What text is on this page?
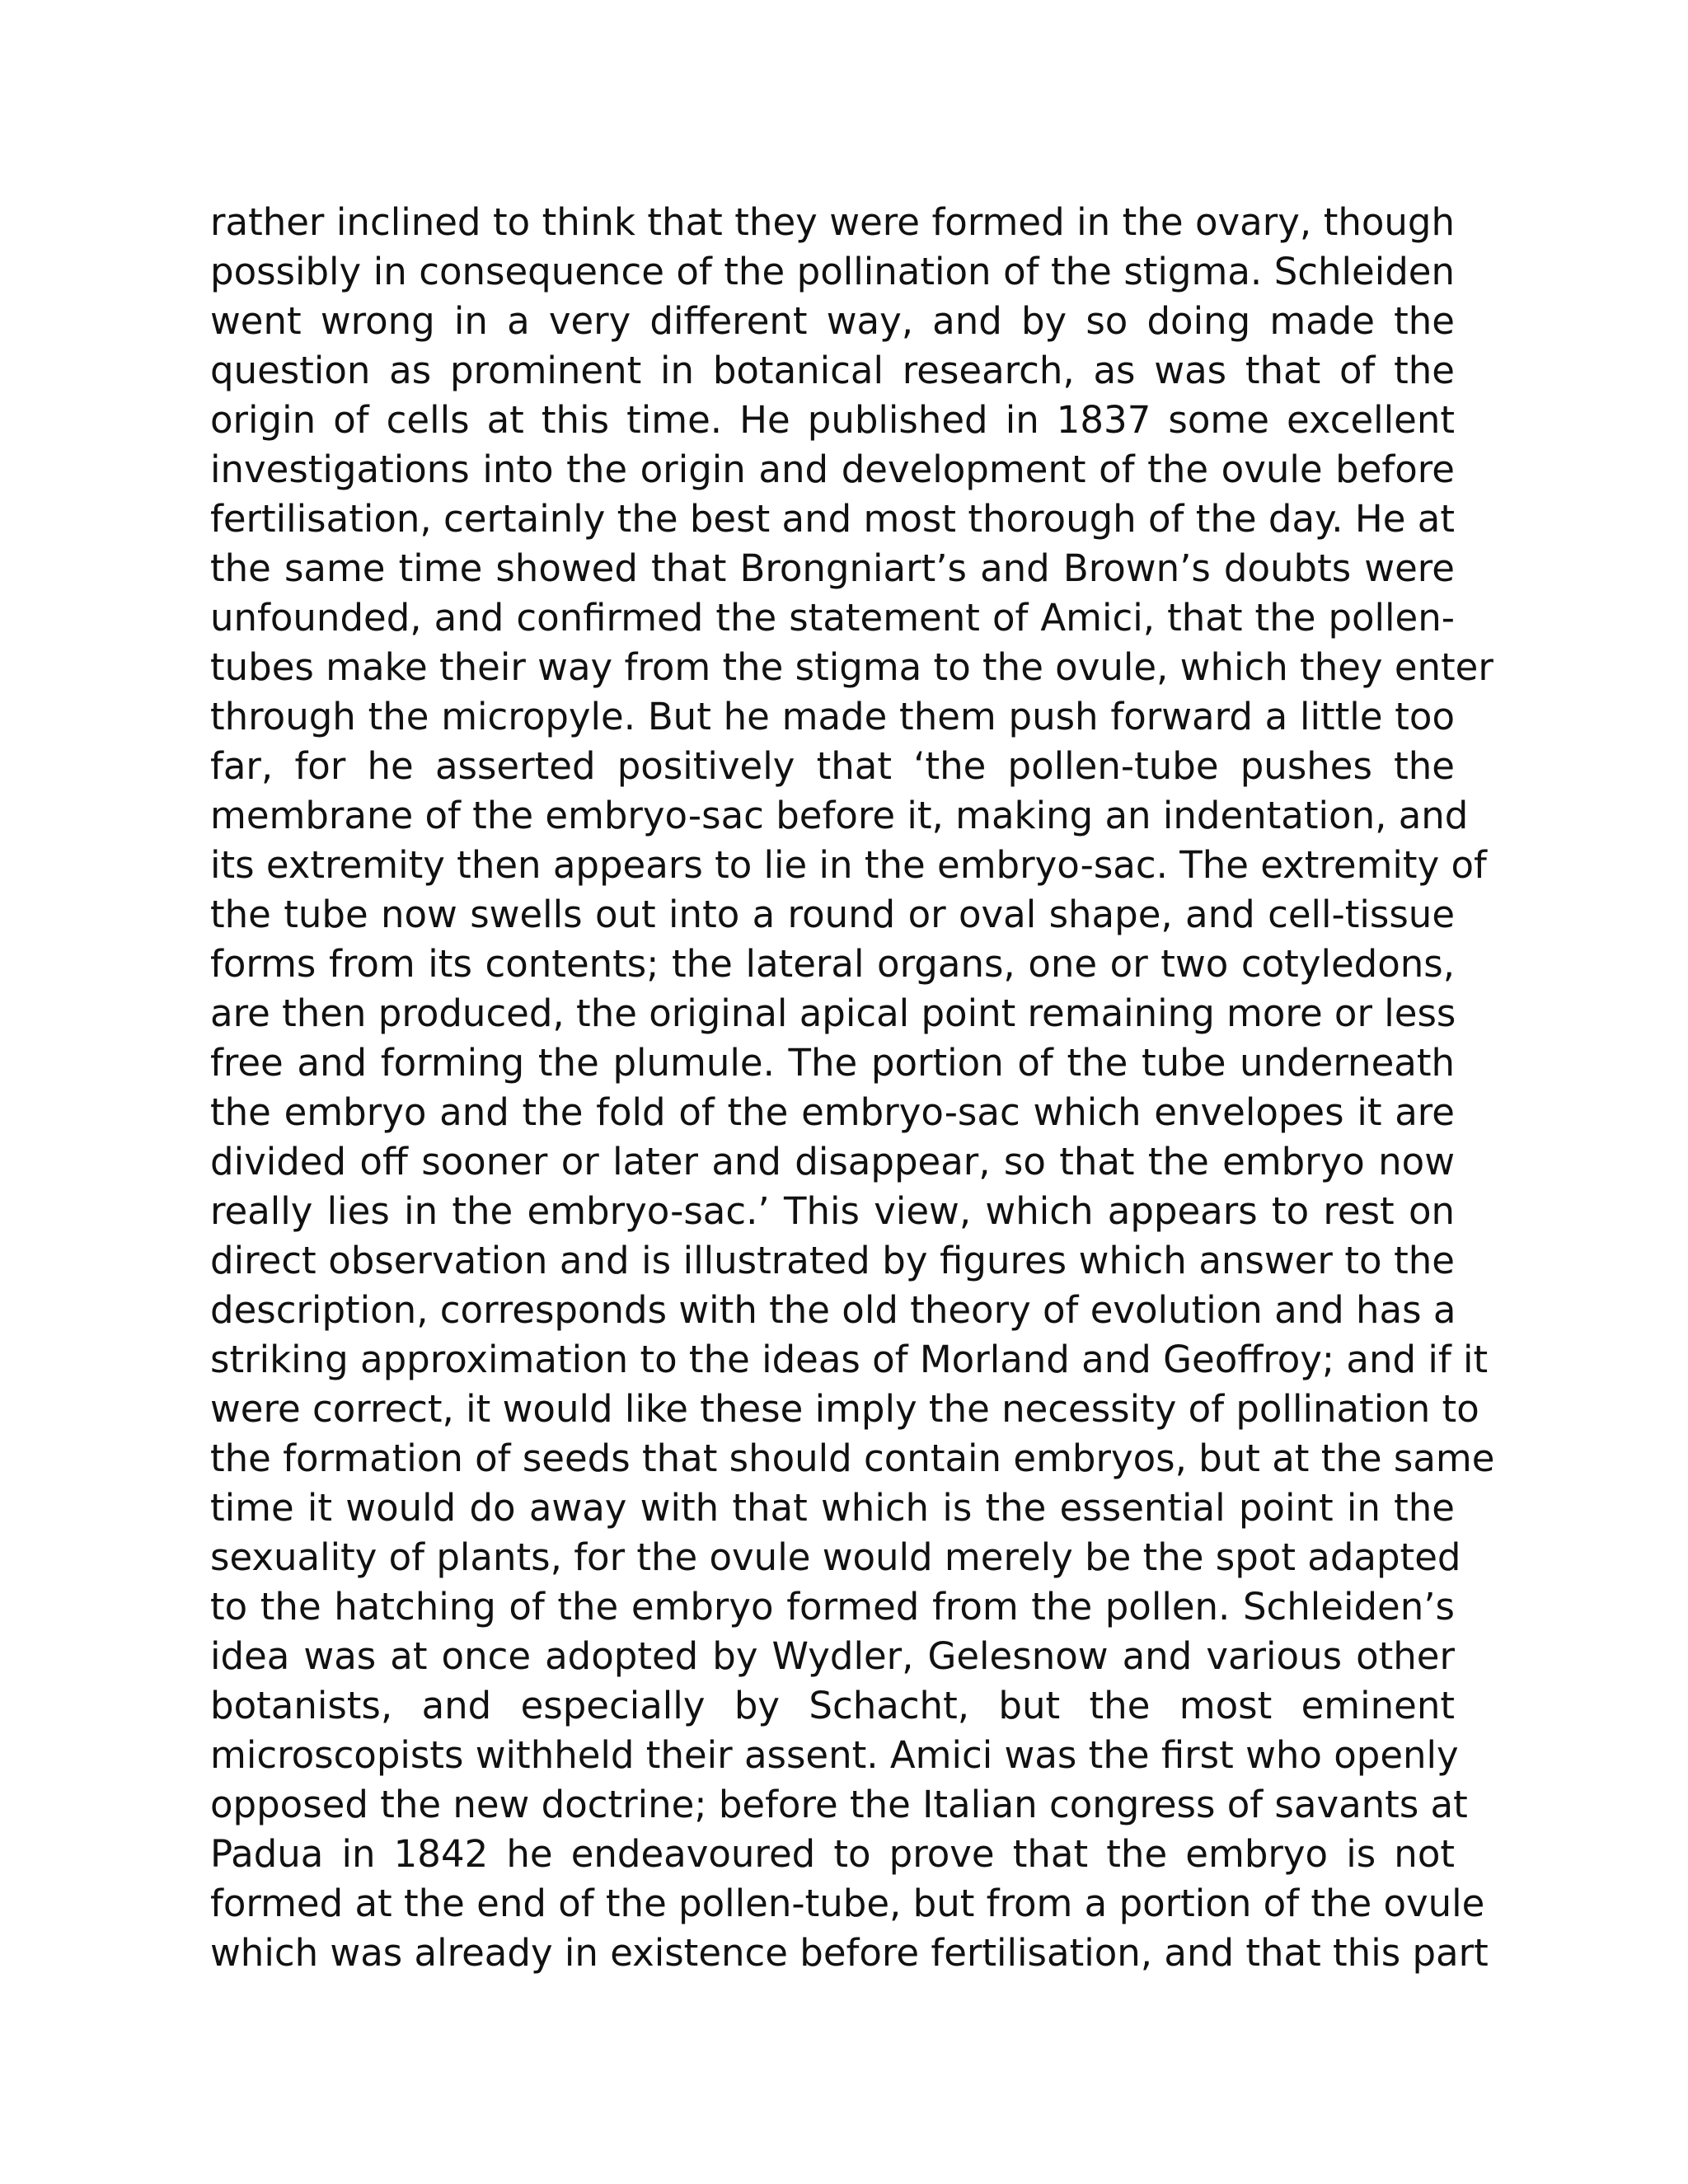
rather inclined to think that they were formed in the ovary, though
possibly in consequence of the pollination of the stigma. Schleiden
went wrong in a very different way, and by so doing made the
question as prominent in botanical research, as was that of the
origin of cells at this time. He published in 1837 some excellent
investigations into the origin and development of the ovule before
fertilisation, certainly the best and most thorough of the day. He at
the same time showed that Brongniart’s and Brown’s doubts were
unfounded, and confirmed the statement of Amici, that the pollen-
tubes make their way from the stigma to the ovule, which they enter
through the micropyle. But he made them push forward a little too
far, for he asserted positively that ‘the pollen-tube pushes the
membrane of the embryo-sac before it, making an indentation, and
its extremity then appears to lie in the embryo-sac. The extremity of
the tube now swells out into a round or oval shape, and cell-tissue
forms from its contents; the lateral organs, one or two cotyledons,
are then produced, the original apical point remaining more or less
free and forming the plumule. The portion of the tube underneath
the embryo and the fold of the embryo-sac which envelopes it are
divided off sooner or later and disappear, so that the embryo now
really lies in the embryo-sac.’ This view, which appears to rest on
direct observation and is illustrated by figures which answer to the
description, corresponds with the old theory of evolution and has a
striking approximation to the ideas of Morland and Geoffroy; and if it
were correct, it would like these imply the necessity of pollination to
the formation of seeds that should contain embryos, but at the same
time it would do away with that which is the essential point in the
sexuality of plants, for the ovule would merely be the spot adapted
to the hatching of the embryo formed from the pollen. Schleiden’s
idea was at once adopted by Wydler, Gelesnow and various other
botanists, and especially by Schacht, but the most eminent
microscopists withheld their assent. Amici was the first who openly
opposed the new doctrine; before the Italian congress of savants at
Padua in 1842 he endeavoured to prove that the embryo is not
formed at the end of the pollen-tube, but from a portion of the ovule
which was already in existence before fertilisation, and that this part
